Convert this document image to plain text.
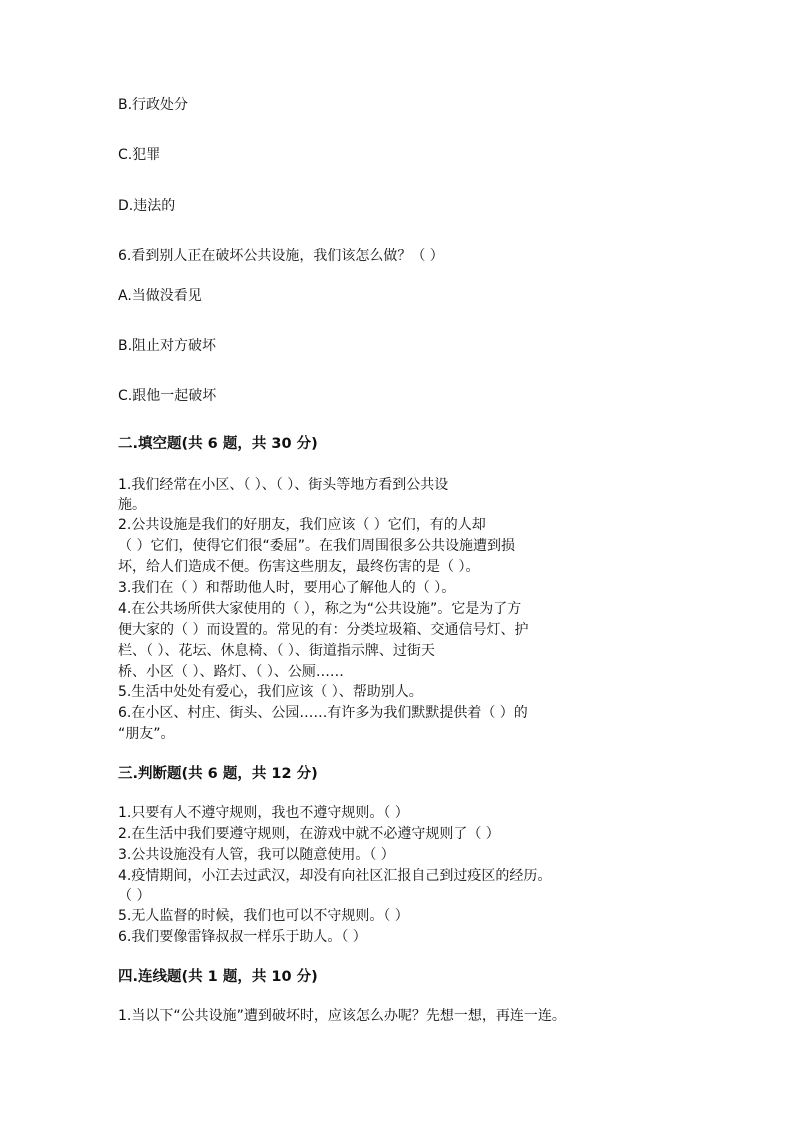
B.行政处分
C.犯罪
D.违法的
6.看到别人正在破坏公共设施，我们该怎么做？（ ）
A.当做没看见
B.阻止对方破坏
C.跟他一起破坏
二.填空题(共 6 题，共 30 分)
1.我们经常在小区、（ ）、（ ）、街头等地方看到公共设
施。
2.公共设施是我们的好朋友，我们应该（ ）它们，有的人却
（ ）它们，使得它们很“委屈”。在我们周围很多公共设施遭到损
坏，给人们造成不便。伤害这些朋友，最终伤害的是（ ）。
3.我们在（ ）和帮助他人时，要用心了解他人的（ ）。
4.在公共场所供大家使用的（ ），称之为“公共设施”。它是为了方
便大家的（ ）而设置的。常见的有：分类垃圾箱、交通信号灯、护
栏、（ ）、花坛、休息椅、（ ）、街道指示牌、过街天
桥、小区（ ）、路灯、（ ）、公厕……
5.生活中处处有爱心，我们应该（ ）、帮助别人。
6.在小区、村庄、街头、公园……有许多为我们默默提供着（ ）的
“朋友”。
三.判断题(共 6 题，共 12 分)
1.只要有人不遵守规则，我也不遵守规则。（ ）
2.在生活中我们要遵守规则，在游戏中就不必遵守规则了（ ）
3.公共设施没有人管，我可以随意使用。（ ）
4.疫情期间，小江去过武汉，却没有向社区汇报自己到过疫区的经历。
（ ）
5.无人监督的时候，我们也可以不守规则。（ ）
6.我们要像雷锋叔叔一样乐于助人。（ ）
四.连线题(共 1 题，共 10 分)
1.当以下“公共设施”遭到破坏时，应该怎么办呢？先想一想，再连一连。
